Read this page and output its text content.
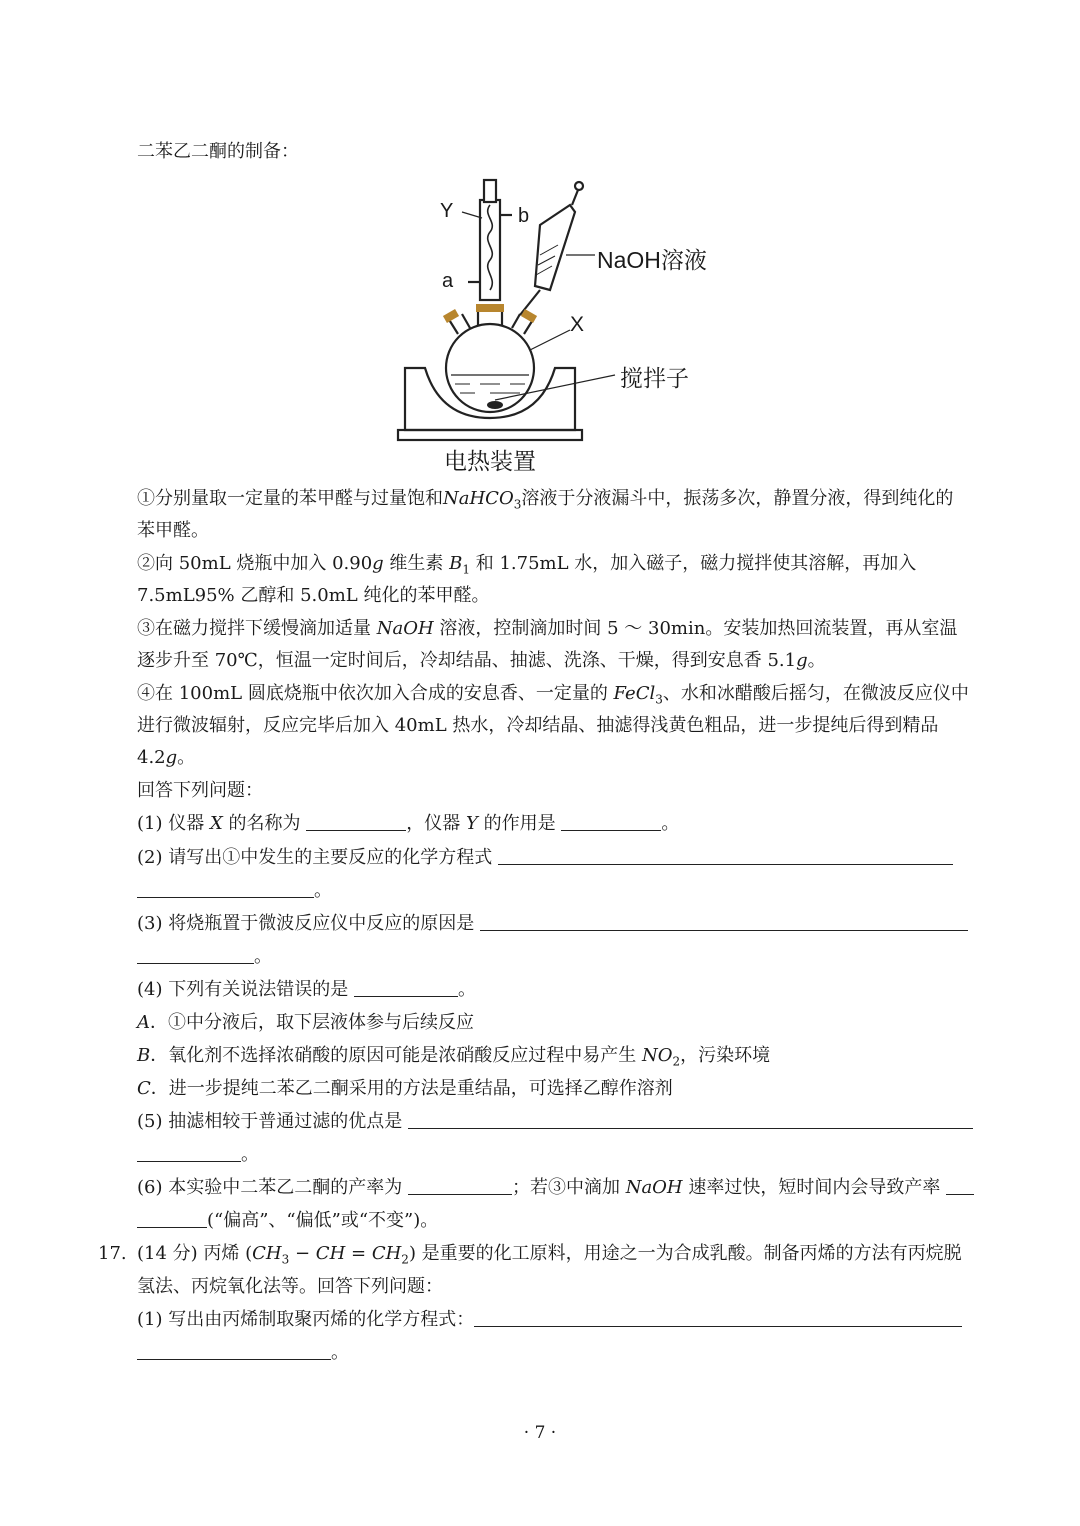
二苯乙二酮的制备：
Y	b
a
NaOH溶液
X
搅拌子
电热装置
①分别量取一定量的苯甲醛与过量饱和NaHCO$_3$溶液于分液漏斗中，振荡多次，静置分液，得到纯化的
苯甲醛。
②向 50mL 烧瓶中加入 0.90g 维生素 $B_1$ 和 1.75mL 水，加入磁子，磁力搅拌使其溶解，再加入
7.5mL95% 乙醇和 5.0mL 纯化的苯甲醛。
③在磁力搅拌下缓慢滴加适量 NaOH 溶液，控制滴加时间 5 ～ 30min。安装加热回流装置，再从室温
逐步升至 70℃，恒温一定时间后，冷却结晶、抽滤、洗涤、干燥，得到安息香 5.1g。
④在 100mL 圆底烧瓶中依次加入合成的安息香、一定量的 FeCl$_3$、水和冰醋酸后摇匀，在微波反应仪中
进行微波辐射，反应完毕后加入 40mL 热水，冷却结晶、抽滤得浅黄色粗品，进一步提纯后得到精品
4.2g。
回答下列问题：
(1) 仪器 X 的名称为	，仪器 Y 的作用是	。
(2) 请写出①中发生的主要反应的化学方程式
。
(3) 将烧瓶置于微波反应仪中反应的原因是
。
(4) 下列有关说法错误的是	。
A．①中分液后，取下层液体参与后续反应
B．氧化剂不选择浓硝酸的原因可能是浓硝酸反应过程中易产生 $NO_2$，污染环境
C．进一步提纯二苯乙二酮采用的方法是重结晶，可选择乙醇作溶剂
(5) 抽滤相较于普通过滤的优点是
。
(6) 本实验中二苯乙二酮的产率为	；若③中滴加 NaOH 速率过快，短时间内会导致产率
(“偏高”、“偏低”或“不变”)。
17. (14 分) 丙烯 ($CH_3$ − CH = $CH_2$) 是重要的化工原料，用途之一为合成乳酸。制备丙烯的方法有丙烷脱
氢法、丙烷氧化法等。回答下列问题：
(1) 写出由丙烯制取聚丙烯的化学方程式：
。
· 7 ·
